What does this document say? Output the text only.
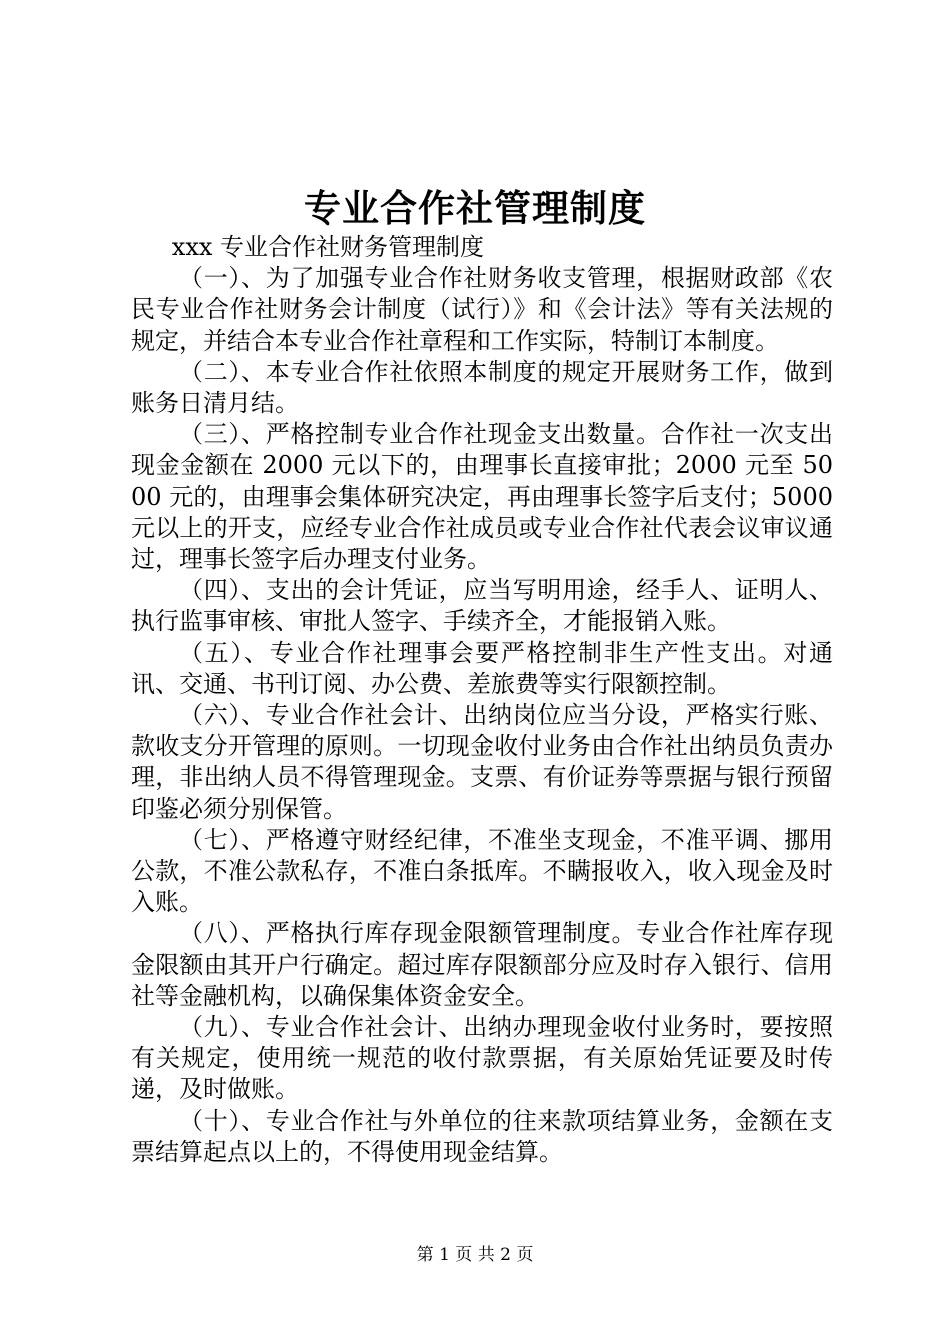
专业合作社管理制度

xxx 专业合作社财务管理制度

（一）、为了加强专业合作社财务收支管理，根据财政部《农民专业合作社财务会计制度（试行）》和《会计法》等有关法规的规定，并结合本专业合作社章程和工作实际，特制订本制度。

（二）、本专业合作社依照本制度的规定开展财务工作，做到账务日清月结。

（三）、严格控制专业合作社现金支出数量。合作社一次支出现金金额在 2000 元以下的，由理事长直接审批；2000 元至 5000 元的，由理事会集体研究决定，再由理事长签字后支付；5000 元以上的开支，应经专业合作社成员或专业合作社代表会议审议通过，理事长签字后办理支付业务。

（四）、支出的会计凭证，应当写明用途，经手人、证明人、执行监事审核、审批人签字、手续齐全，才能报销入账。

（五）、专业合作社理事会要严格控制非生产性支出。对通讯、交通、书刊订阅、办公费、差旅费等实行限额控制。

（六）、专业合作社会计、出纳岗位应当分设，严格实行账、款收支分开管理的原则。一切现金收付业务由合作社出纳员负责办理，非出纳人员不得管理现金。支票、有价证券等票据与银行预留印鉴必须分别保管。

（七）、严格遵守财经纪律，不准坐支现金，不准平调、挪用公款，不准公款私存，不准白条抵库。不瞒报收入，收入现金及时入账。

（八）、严格执行库存现金限额管理制度。专业合作社库存现金限额由其开户行确定。超过库存限额部分应及时存入银行、信用社等金融机构，以确保集体资金安全。

（九）、专业合作社会计、出纳办理现金收付业务时，要按照有关规定，使用统一规范的收付款票据，有关原始凭证要及时传递，及时做账。

（十）、专业合作社与外单位的往来款项结算业务，金额在支票结算起点以上的，不得使用现金结算。

第 1 页 共 2 页
